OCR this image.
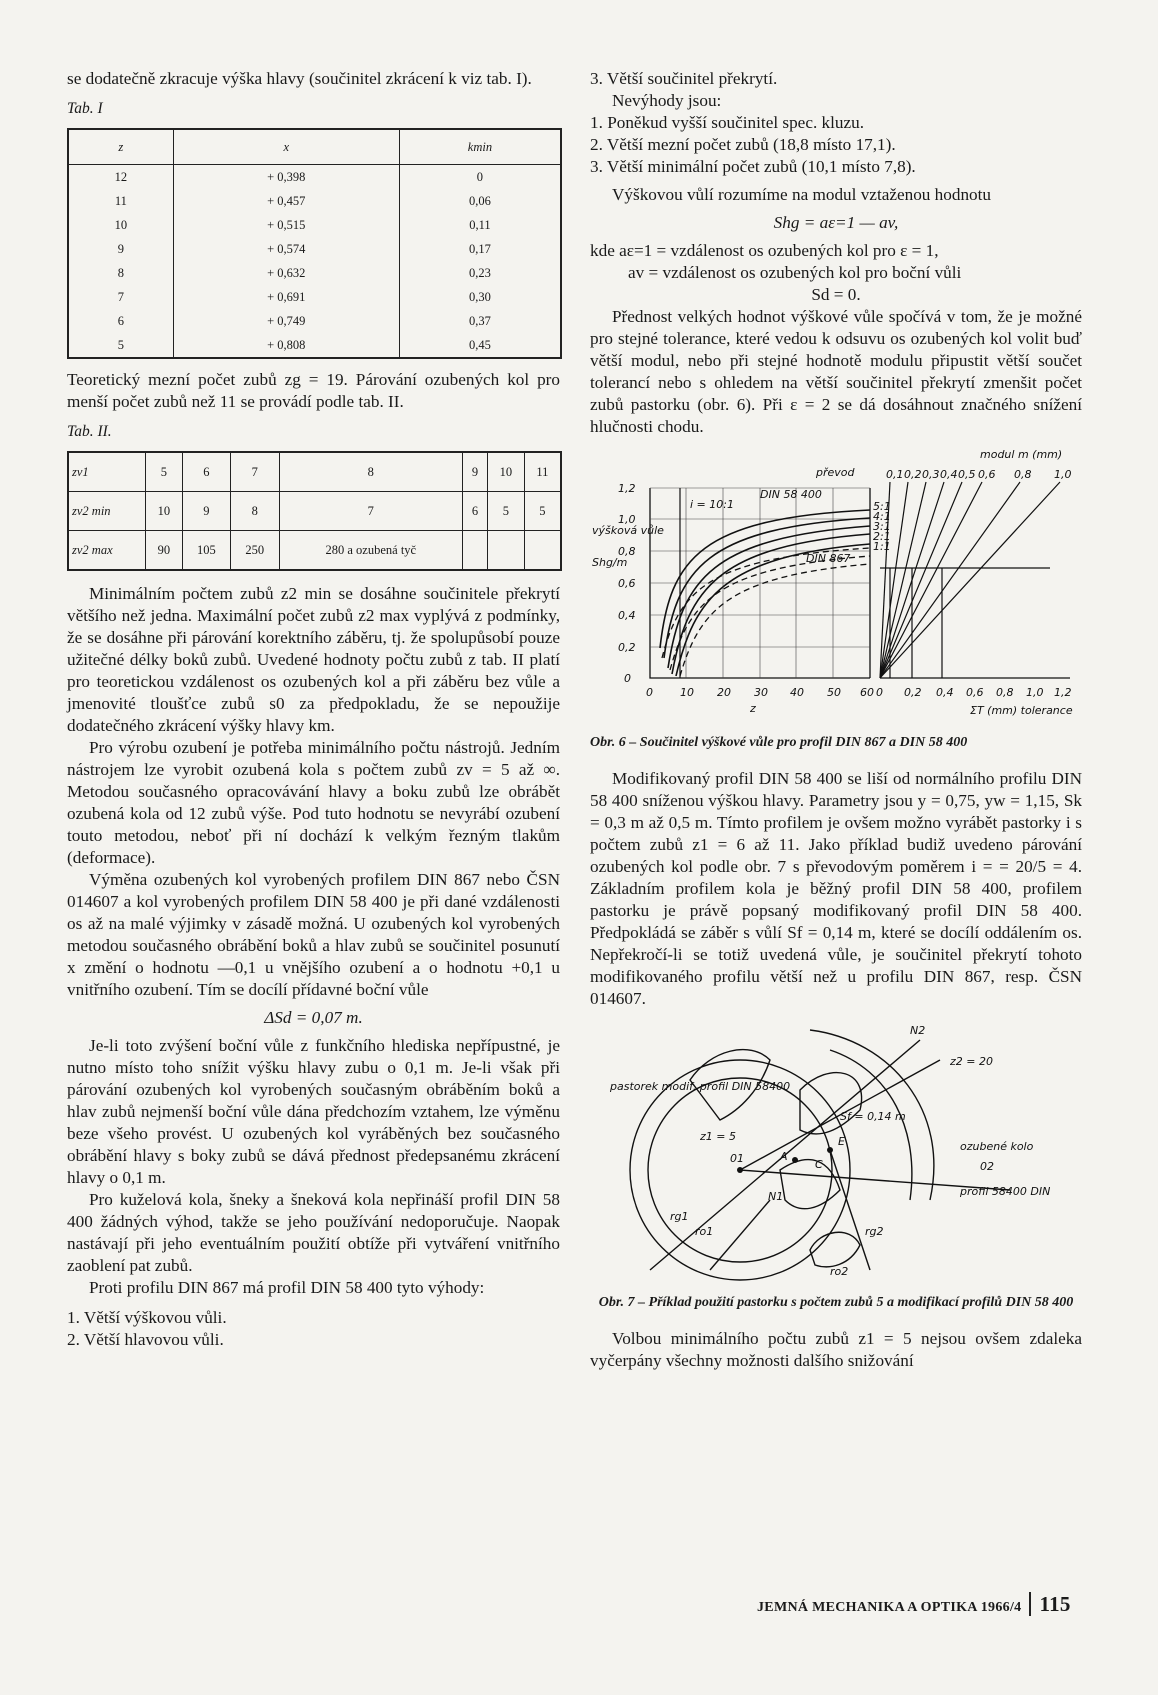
se dodatečně zkracuje výška hlavy (součinitel zkrácení k viz tab. I).

Tab. I
z	x	kmin
12	+ 0,398	0
11	+ 0,457	0,06
10	+ 0,515	0,11
9	+ 0,574	0,17
8	+ 0,632	0,23
7	+ 0,691	0,30
6	+ 0,749	0,37
5	+ 0,808	0,45

Teoretický mezní počet zubů zg = 19. Párování ozubených kol pro menší počet zubů než 11 se provádí podle tab. II.

Tab. II.
zv1	5	6	7	8	9	10	11
zv2 min	10	9	8	7	6	5	5
zv2 max	90	105	250	280 a ozubená tyč			

Minimálním počtem zubů z2 min se dosáhne součinitele překrytí většího než jedna. Maximální počet zubů z2 max vyplývá z podmínky, že se dosáhne při párování korektního záběru, tj. že spolupůsobí pouze užitečné délky boků zubů. Uvedené hodnoty počtu zubů z tab. II platí pro teoretickou vzdálenost os ozubených kol a při záběru bez vůle a jmenovité tloušťce zubů s0 za předpokladu, že se nepoužije dodatečného zkrácení výšky hlavy km.

Pro výrobu ozubení je potřeba minimálního počtu nástrojů. Jedním nástrojem lze vyrobit ozubená kola s počtem zubů zv = 5 až ∞. Metodou současného opracovávání hlavy a boku zubů lze obrábět ozubená kola od 12 zubů výše. Pod tuto hodnotu se nevyrábí ozubení touto metodou, neboť při ní dochází k velkým řezným tlakům (deformace).

Výměna ozubených kol vyrobených profilem DIN 867 nebo ČSN 014607 a kol vyrobených profilem DIN 58 400 je při dané vzdálenosti os až na malé výjimky v zásadě možná. U ozubených kol vyrobených metodou současného obrábění boků a hlav zubů se součinitel posunutí x změní o hodnotu —0,1 u vnějšího ozubení a o hodnotu +0,1 u vnitřního ozubení. Tím se docílí přídavné boční vůle

ΔSd = 0,07 m.

Je-li toto zvýšení boční vůle z funkčního hlediska nepřípustné, je nutno místo toho snížit výšku hlavy zubu o 0,1 m. Je-li však při párování ozubených kol vyrobených současným obráběním boků a hlav zubů nejmenší boční vůle dána předchozím vztahem, lze výměnu beze všeho provést. U ozubených kol vyráběných bez současného obrábění hlavy s boky zubů se dává přednost předepsanému zkrácení hlavy o 0,1 m.

Pro kuželová kola, šneky a šneková kola nepřináší profil DIN 58 400 žádných výhod, takže se jeho používání nedoporučuje. Naopak nastávají při jeho eventuálním použití obtíže při vytváření vnitřního zaoblení pat zubů.

Proti profilu DIN 867 má profil DIN 58 400 tyto výhody:

1. Větší výškovou vůli.

2. Větší hlavovou vůli.

3. Větší součinitel překrytí.

Nevýhody jsou:

1. Poněkud vyšší součinitel spec. kluzu.

2. Větší mezní počet zubů (18,8 místo 17,1).

3. Větší minimální počet zubů (10,1 místo 7,8).

Výškovou vůlí rozumíme na modul vztaženou hodnotu

Shg = aε=1 — av,

kde aε=1 = vzdálenost os ozubených kol pro ε = 1,

av = vzdálenost os ozubených kol pro boční vůli

Sd = 0.

Přednost velkých hodnot výškové vůle spočívá v tom, že je možné pro stejné tolerance, které vedou k odsuvu os ozubených kol volit buď větší modul, nebo při stejné hodnotě modulu připustit větší součet tolerancí nebo s ohledem na větší součinitel překrytí zmenšit počet zubů pastorku (obr. 6). Při ε = 2 se dá dosáhnout značného snížení hlučnosti chodu.

1,2
1,0
0,8
0,6
0,4
0,2
0
0 10 20 30 40 50 60
z
0 0,2 0,4 0,6 0,8 1,0 1,2
ΣT (mm) tolerance
0,1 0,2 0,3 0,4 0,5 0,6 0,8 1,0
modul m (mm)
převod
5:1
4:1
3:1
2:1
1:1
výšková vůle
Shg/m
i = 10:1
DIN 58 400
DIN 867
Obr. 6 – Součinitel výškové vůle pro profil DIN 867 a DIN 58 400

Modifikovaný profil DIN 58 400 se liší od normálního profilu DIN 58 400 sníženou výškou hlavy. Parametry jsou y = 0,75, yw = 1,15, Sk = 0,3 m až 0,5 m. Tímto profilem je ovšem možno vyrábět pastorky i s počtem zubů z1 = 6 až 11. Jako příklad budiž uvedeno párování ozubených kol podle obr. 7 s převodovým poměrem i = = 20/5 = 4. Základním profilem kola je běžný profil DIN 58 400, profilem pastorku je právě popsaný modifikovaný profil DIN 58 400. Předpokládá se záběr s vůlí Sf = 0,14 m, které se docílí oddálením os. Nepřekročí-li se totiž uvedená vůle, je součinitel překrytí tohoto modifikovaného profilu větší než u profilu DIN 867, resp. ČSN 014607.

pastorek modif. profil DIN 58400
z1 = 5
z2 = 20
01
02
ozubené kolo
profil 58400 DIN
Sf = 0,14 m
N2
N1
A
C
E
rg1
ro1	rg2
ro2
Obr. 7 – Příklad použití pastorku s počtem zubů 5 a modifikací profilů DIN 58 400

Volbou minimálního počtu zubů z1 = 5 nejsou ovšem zdaleka vyčerpány všechny možnosti dalšího snižování

JEMNÁ MECHANIKA A OPTIKA 1966/4 115
